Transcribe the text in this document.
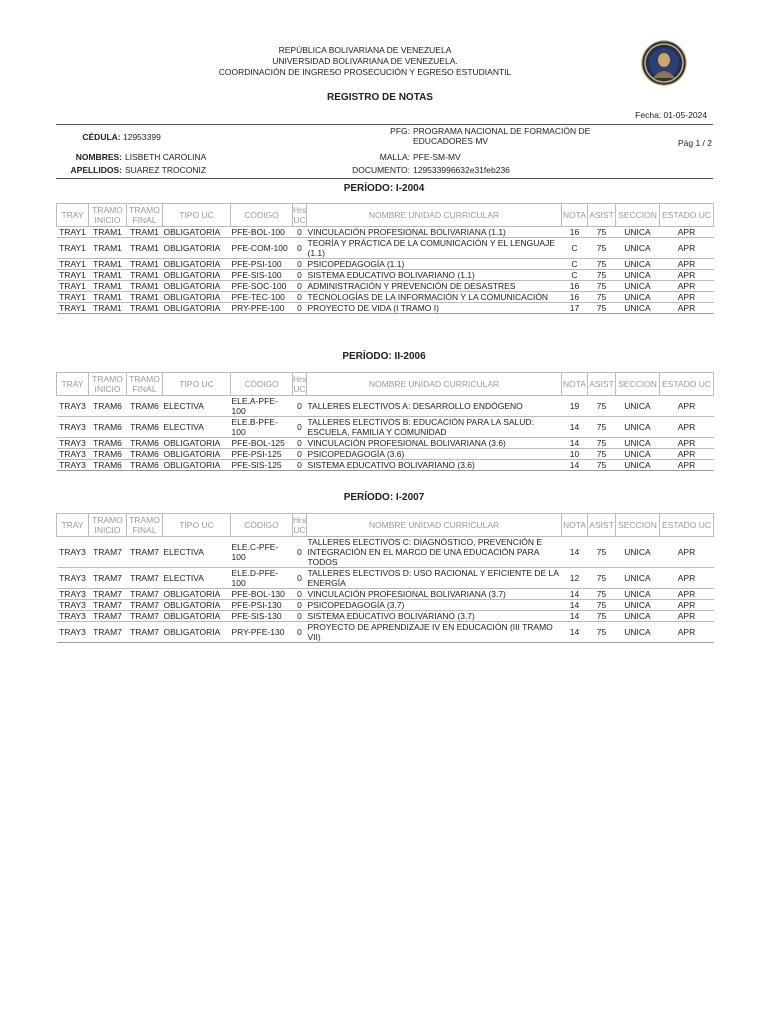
REPÚBLICA BOLIVARIANA DE VENEZUELA
UNIVERSIDAD BOLIVARIANA DE VENEZUELA.
COORDINACIÓN DE INGRESO PROSECUCIÓN Y EGRESO ESTUDIANTIL
REGISTRO DE NOTAS
Fecha: 01-05-2024
CÉDULA: 12953399
PFG: PROGRAMA NACIONAL DE FORMACIÓN DE EDUCADORES MV	Pág 1 / 2
NOMBRES: LISBETH CAROLINA
APELLIDOS: SUAREZ TROCONIZ
MALLA: PFE-SM-MV
DOCUMENTO: 129533996632e31feb236
PERÍODO: I-2004
TRAY	TRAMO INICIO	TRAMO FINAL	TIPO UC	CÓDIGO	Hrs UC	NOMBRE UNIDAD CURRICULAR	NOTA	ASIST	SECCION	ESTADO UC
TRAY1	TRAM1	TRAM1	OBLIGATORIA	PFE-BOL-100	0	VINCULACIÓN PROFESIONAL BOLIVARIANA (1.1)	16	75	UNICA	APR
TRAY1	TRAM1	TRAM1	OBLIGATORIA	PFE-COM-100	0	TEORÍA Y PRÁCTICA DE LA COMUNICACIÓN Y EL LENGUAJE (1.1)	C	75	UNICA	APR
TRAY1	TRAM1	TRAM1	OBLIGATORIA	PFE-PSI-100	0	PSICOPEDAGOGÍA (1.1)	C	75	UNICA	APR
TRAY1	TRAM1	TRAM1	OBLIGATORIA	PFE-SIS-100	0	SISTEMA EDUCATIVO BOLIVARIANO (1.1)	C	75	UNICA	APR
TRAY1	TRAM1	TRAM1	OBLIGATORIA	PFE-SOC-100	0	ADMINISTRACIÓN Y PREVENCIÓN DE DESASTRES	16	75	UNICA	APR
TRAY1	TRAM1	TRAM1	OBLIGATORIA	PFE-TEC-100	0	TECNOLOGÍAS DE LA INFORMACIÓN Y LA COMUNICACIÓN	16	75	UNICA	APR
TRAY1	TRAM1	TRAM1	OBLIGATORIA	PRY-PFE-100	0	PROYECTO DE VIDA (I TRAMO I)	17	75	UNICA	APR
PERÍODO: II-2006
TRAY	TRAMO INICIO	TRAMO FINAL	TIPO UC	CÓDIGO	Hrs UC	NOMBRE UNIDAD CURRICULAR	NOTA	ASIST	SECCION	ESTADO UC
TRAY3	TRAM6	TRAM6	ELECTIVA	ELE.A-PFE-100	0	TALLERES ELECTIVOS A: DESARROLLO ENDÓGENO	19	75	UNICA	APR
TRAY3	TRAM6	TRAM6	ELECTIVA	ELE.B-PFE-100	0	TALLERES ELECTIVOS B: EDUCACIÓN PARA LA SALUD: ESCUELA, FAMILIA Y COMUNIDAD	14	75	UNICA	APR
TRAY3	TRAM6	TRAM6	OBLIGATORIA	PFE-BOL-125	0	VINCULACIÓN PROFESIONAL BOLIVARIANA (3.6)	14	75	UNICA	APR
TRAY3	TRAM6	TRAM6	OBLIGATORIA	PFE-PSI-125	0	PSICOPEDAGOGÍA (3.6)	10	75	UNICA	APR
TRAY3	TRAM6	TRAM6	OBLIGATORIA	PFE-SIS-125	0	SISTEMA EDUCATIVO BOLIVARIANO (3.6)	14	75	UNICA	APR
PERÍODO: I-2007
TRAY	TRAMO INICIO	TRAMO FINAL	TIPO UC	CÓDIGO	Hrs UC	NOMBRE UNIDAD CURRICULAR	NOTA	ASIST	SECCION	ESTADO UC
TRAY3	TRAM7	TRAM7	ELECTIVA	ELE.C-PFE-100	0	TALLERES ELECTIVOS C: DIAGNÓSTICO, PREVENCIÓN E INTEGRACIÓN EN EL MARCO DE UNA EDUCACIÓN PARA TODOS	14	75	UNICA	APR
TRAY3	TRAM7	TRAM7	ELECTIVA	ELE.D-PFE-100	0	TALLERES ELECTIVOS D: USO RACIONAL Y EFICIENTE DE LA ENERGÍA	12	75	UNICA	APR
TRAY3	TRAM7	TRAM7	OBLIGATORIA	PFE-BOL-130	0	VINCULACIÓN PROFESIONAL BOLIVARIANA (3.7)	14	75	UNICA	APR
TRAY3	TRAM7	TRAM7	OBLIGATORIA	PFE-PSI-130	0	PSICOPEDAGOGÍA (3.7)	14	75	UNICA	APR
TRAY3	TRAM7	TRAM7	OBLIGATORIA	PFE-SIS-130	0	SISTEMA EDUCATIVO BOLIVARIANO (3.7)	14	75	UNICA	APR
TRAY3	TRAM7	TRAM7	OBLIGATORIA	PRY-PFE-130	0	PROYECTO DE APRENDIZAJE IV EN EDUCACIÓN (III TRAMO VII)	14	75	UNICA	APR
